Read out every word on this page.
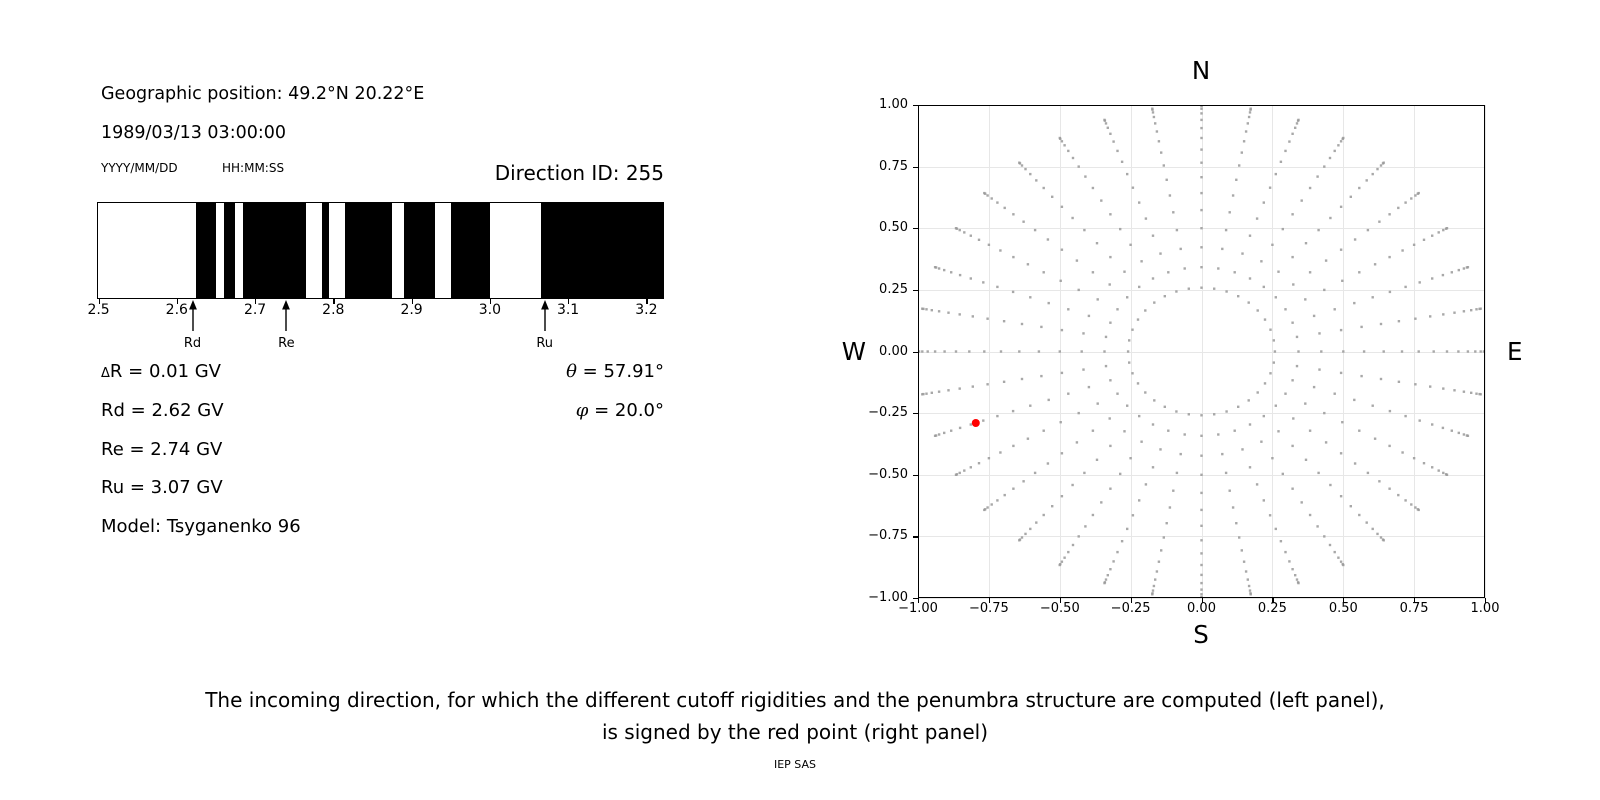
Geographic position: 49.2°N 20.22°E
1989/03/13 03:00:00
YYYY/MM/DD	HH:MM:SS	Direction ID: 255
2.5	2.6	2.7	2.8	2.9	3.0	3.1	3.2
Rd	Re	Ru
ΔR = 0.01 GV
Rd = 2.62 GV
Re = 2.74 GV
Ru = 3.07 GV
Model: Tsyganenko 96
θ = 57.91°
φ = 20.0°
−1.00
−1.00
−0.75
−0.75
−0.50
−0.50
−0.25
−0.25
0.00
0.00
0.25
0.25
0.50
0.50
0.75
0.75
1.00
1.00
N
S
W	E
The incoming direction, for which the different cutoff rigidities and the penumbra structure are computed (left panel),
is signed by the red point (right panel)
IEP SAS
